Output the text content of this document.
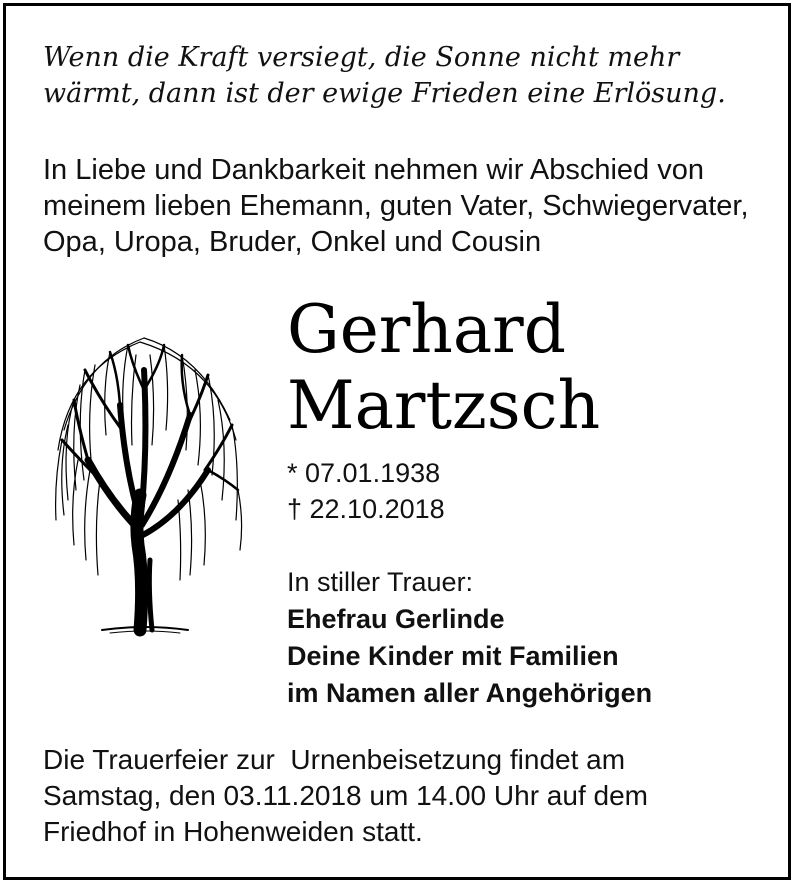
Wenn die Kraft versiegt, die Sonne nicht mehr
wärmt, dann ist der ewige Frieden eine Erlösung.
In Liebe und Dankbarkeit nehmen wir Abschied von
meinem lieben Ehemann, guten Vater, Schwiegervater,
Opa, Uropa, Bruder, Onkel und Cousin
Gerhard
Martzsch
* 07.01.1938
† 22.10.2018
In stiller Trauer:
Ehefrau Gerlinde
Deine Kinder mit Familien
im Namen aller Angehörigen
Die Trauerfeier zur  Urnenbeisetzung findet am
Samstag, den 03.11.2018 um 14.00 Uhr auf dem
Friedhof in Hohenweiden statt.
